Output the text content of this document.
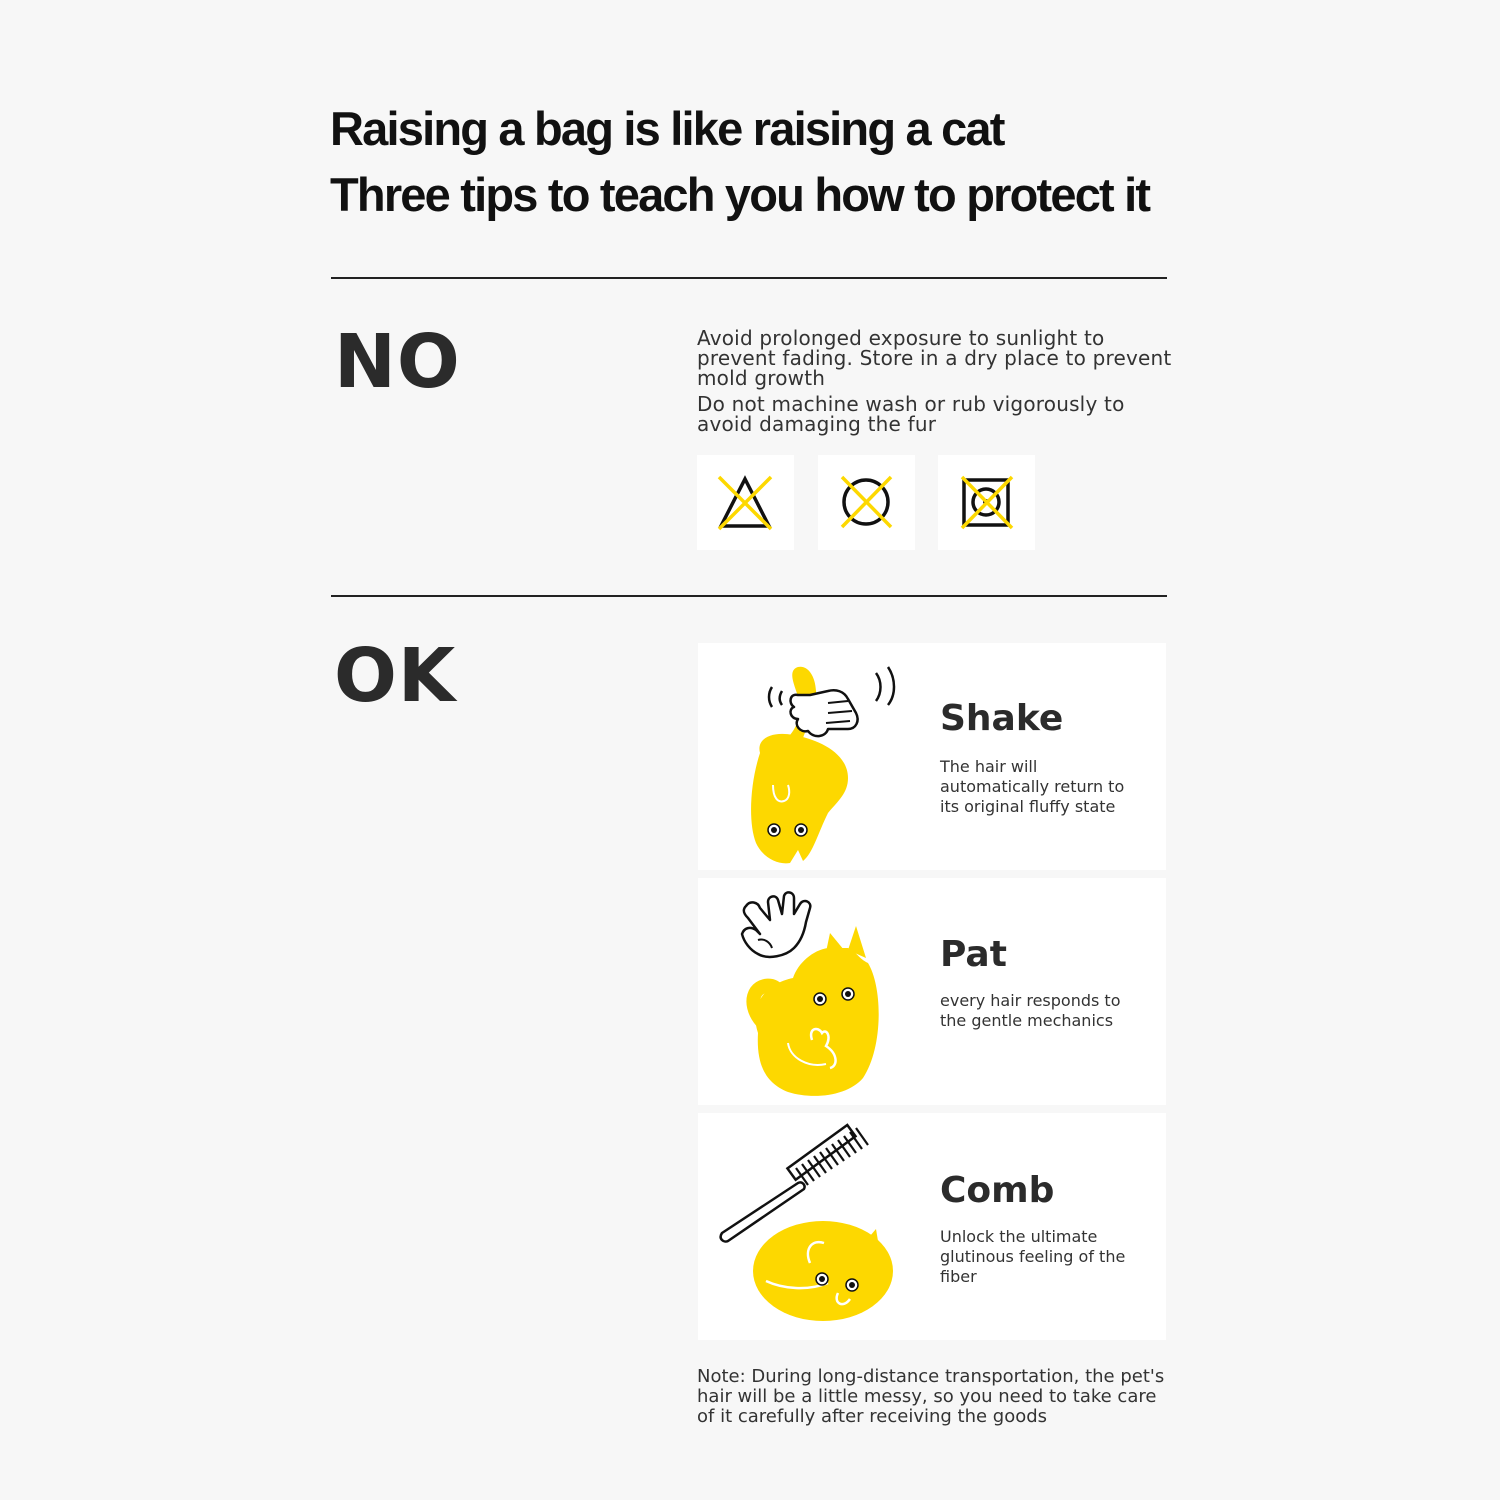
Raising a bag is like raising a cat
Three tips to teach you how to protect it
NO	Avoid prolonged exposure to sunlight to prevent fading. Store in a dry place to prevent mold growth

Do not machine wash or rub vigorously to avoid damaging the fur

OK	Shake

The hair will automatically return to its original fluffy state

Pat

every hair responds to the gentle mechanics

Comb

Unlock the ultimate glutinous feeling of the fiber

Note: During long-distance transportation, the pet's hair will be a little messy, so you need to take care of it carefully after receiving the goods
